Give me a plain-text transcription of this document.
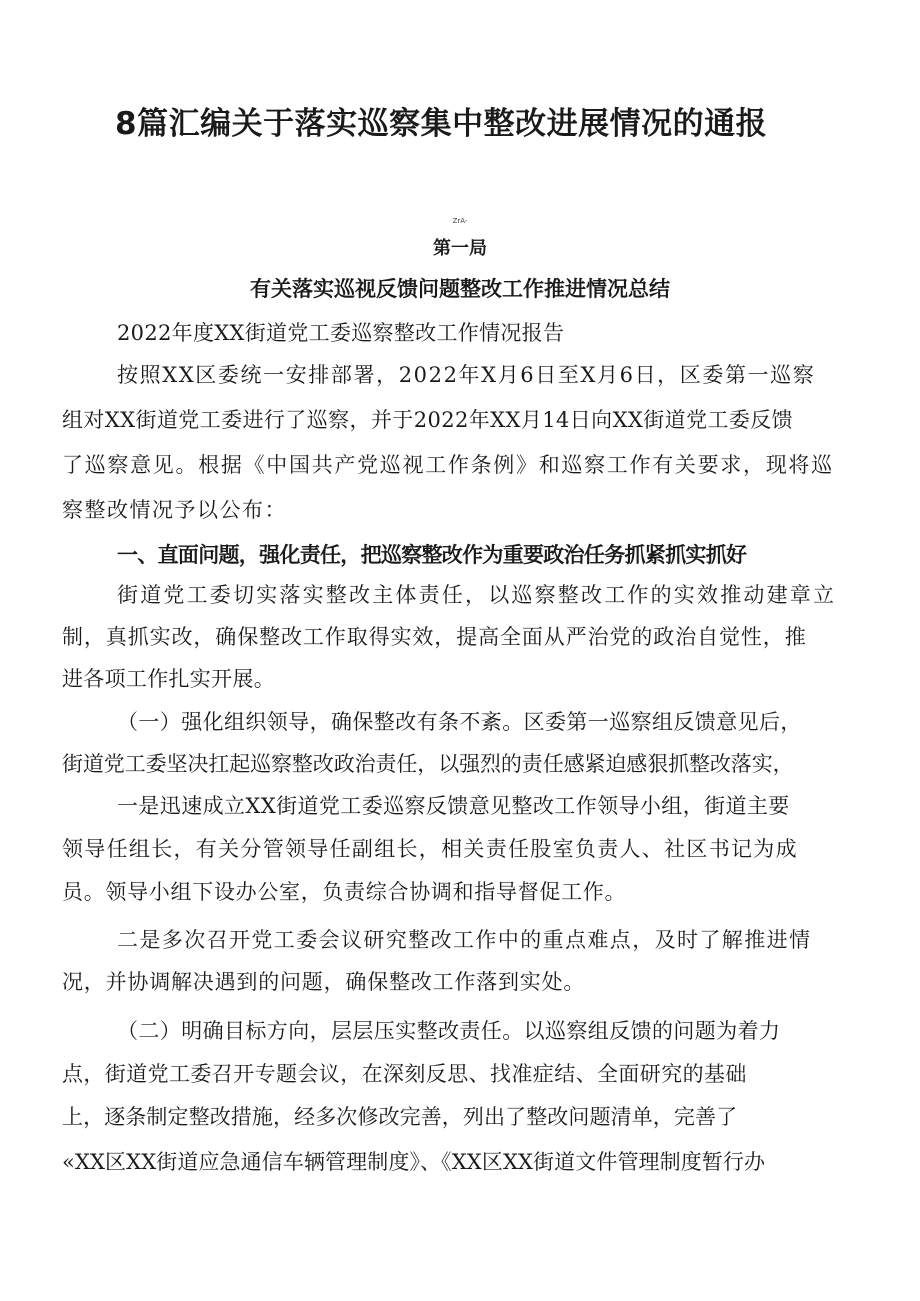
8篇汇编关于落实巡察集中整改进展情况的通报
ZrA-
第一局
有关落实巡视反馈问题整改工作推进情况总结
2022年度XX街道党工委巡察整改工作情况报告
按照XX区委统一安排部署，2022年X月6日至X月6日，区委第一巡察
组对XX街道党工委进行了巡察，并于2022年XX月14日向XX街道党工委反馈
了巡察意见。根据《中国共产党巡视工作条例》和巡察工作有关要求，现将巡
察整改情况予以公布：
一、直面问题，强化责任，把巡察整改作为重要政治任务抓紧抓实抓好
街道党工委切实落实整改主体责任，以巡察整改工作的实效推动建章立
制，真抓实改，确保整改工作取得实效，提高全面从严治党的政治自觉性，推
进各项工作扎实开展。
（一）强化组织领导，确保整改有条不紊。区委第一巡察组反馈意见后，
街道党工委坚决扛起巡察整改政治责任，以强烈的责任感紧迫感狠抓整改落实，
一是迅速成立XX街道党工委巡察反馈意见整改工作领导小组，街道主要
领导任组长，有关分管领导任副组长，相关责任股室负责人、社区书记为成
员。领导小组下设办公室，负责综合协调和指导督促工作。
二是多次召开党工委会议研究整改工作中的重点难点，及时了解推进情
况，并协调解决遇到的问题，确保整改工作落到实处。
（二）明确目标方向，层层压实整改责任。以巡察组反馈的问题为着力
点，街道党工委召开专题会议，在深刻反思、找准症结、全面研究的基础
上，逐条制定整改措施，经多次修改完善，列出了整改问题清单，完善了
«XX区XX街道应急通信车辆管理制度》、《XX区XX街道文件管理制度暂行办
